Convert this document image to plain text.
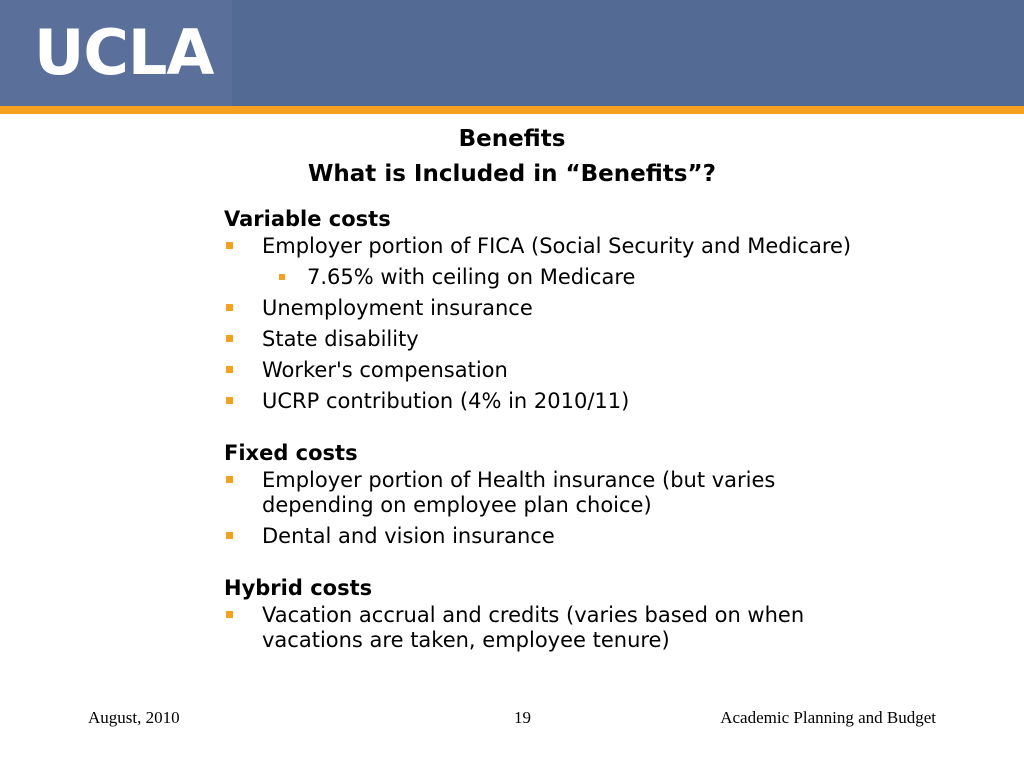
UCLA
Benefits
What is Included in “Benefits”?
Variable costs
Employer portion of FICA (Social Security and Medicare)
7.65% with ceiling on Medicare
Unemployment insurance
State disability
Worker's compensation
UCRP contribution (4% in 2010/11)
Fixed costs
Employer portion of Health insurance (but varies depending on employee plan choice)
Dental and vision insurance
Hybrid costs
Vacation accrual and credits (varies based on when vacations are taken, employee tenure)
August, 2010	19	Academic Planning and Budget
